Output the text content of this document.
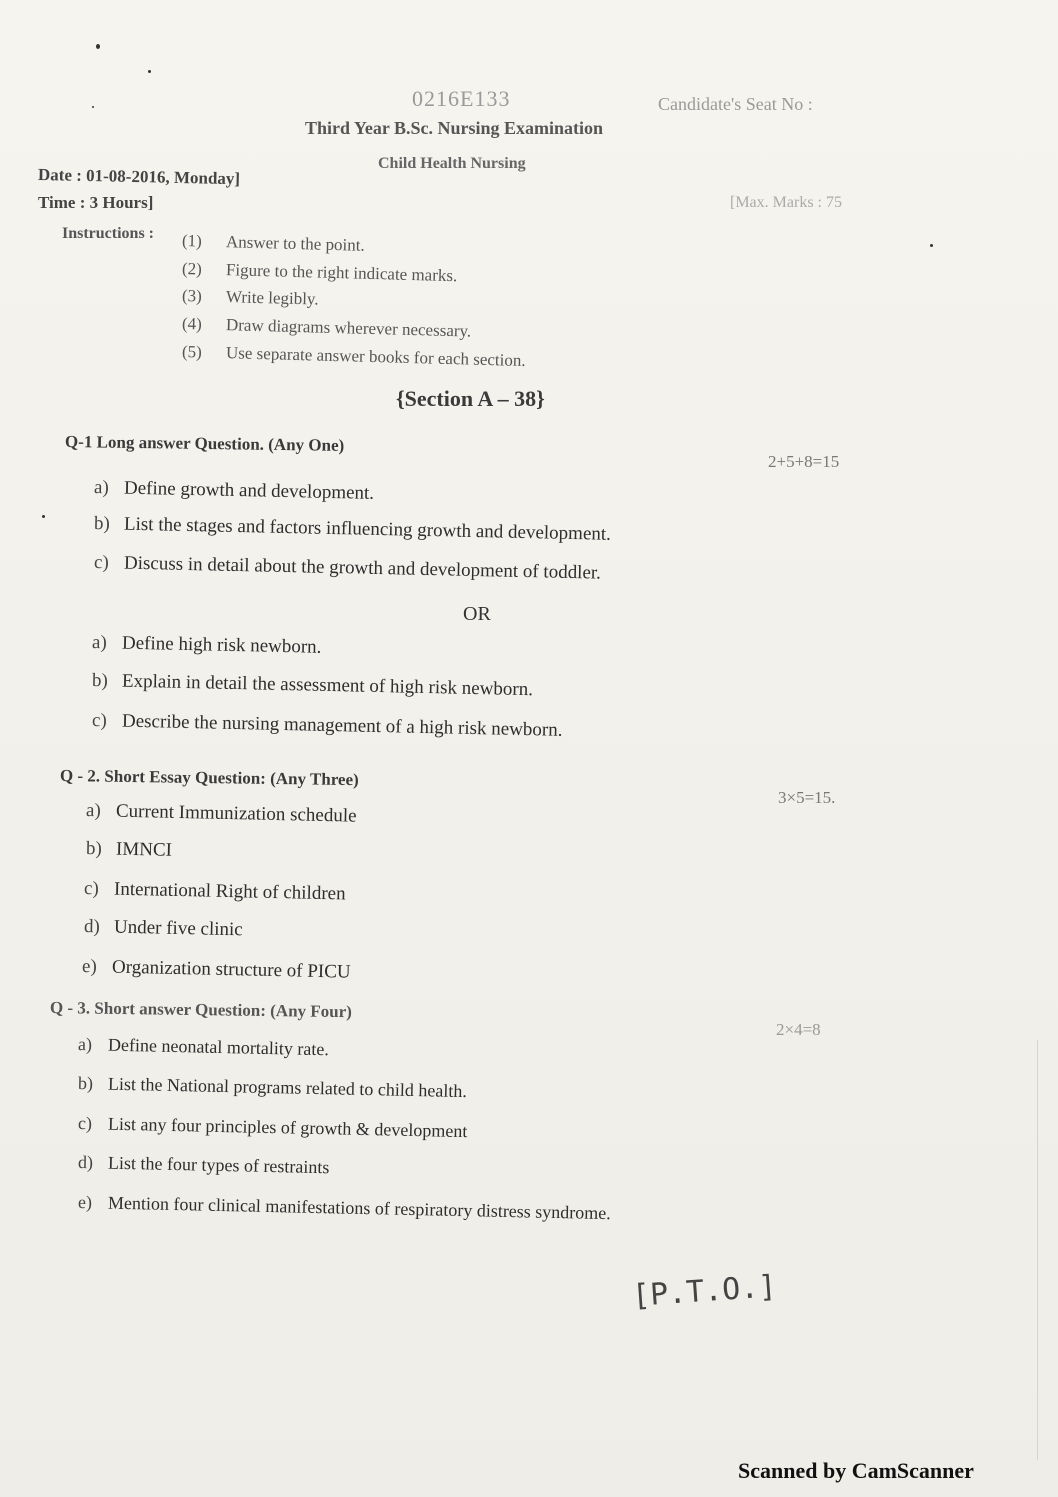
0216E133	Candidate's Seat No :
Third Year B.Sc. Nursing Examination
Child Health Nursing
Date : 01-08-2016, Monday]
Time : 3 Hours]	[Max. Marks : 75
Instructions : (1) Answer to the point.
(2) Figure to the right indicate marks.
(3) Write legibly.
(4) Draw diagrams wherever necessary.
(5) Use separate answer books for each section.
{Section A – 38}
Q-1 Long answer Question. (Any One)
2+5+8=15
a) Define growth and development.
b) List the stages and factors influencing growth and development.
c) Discuss in detail about the growth and development of toddler.
OR
a) Define high risk newborn.
b) Explain in detail the assessment of high risk newborn.
c) Describe the nursing management of a high risk newborn.
Q - 2. Short Essay Question: (Any Three)
3×5=15.
a) Current Immunization schedule
b) IMNCI
c) International Right of children
d) Under five clinic
e) Organization structure of PICU
Q - 3. Short answer Question: (Any Four)
2×4=8
a) Define neonatal mortality rate.
b) List the National programs related to child health.
c) List any four principles of growth & development
d) List the four types of restraints
e) Mention four clinical manifestations of respiratory distress syndrome.
[P.T.O.]
Scanned by CamScanner
